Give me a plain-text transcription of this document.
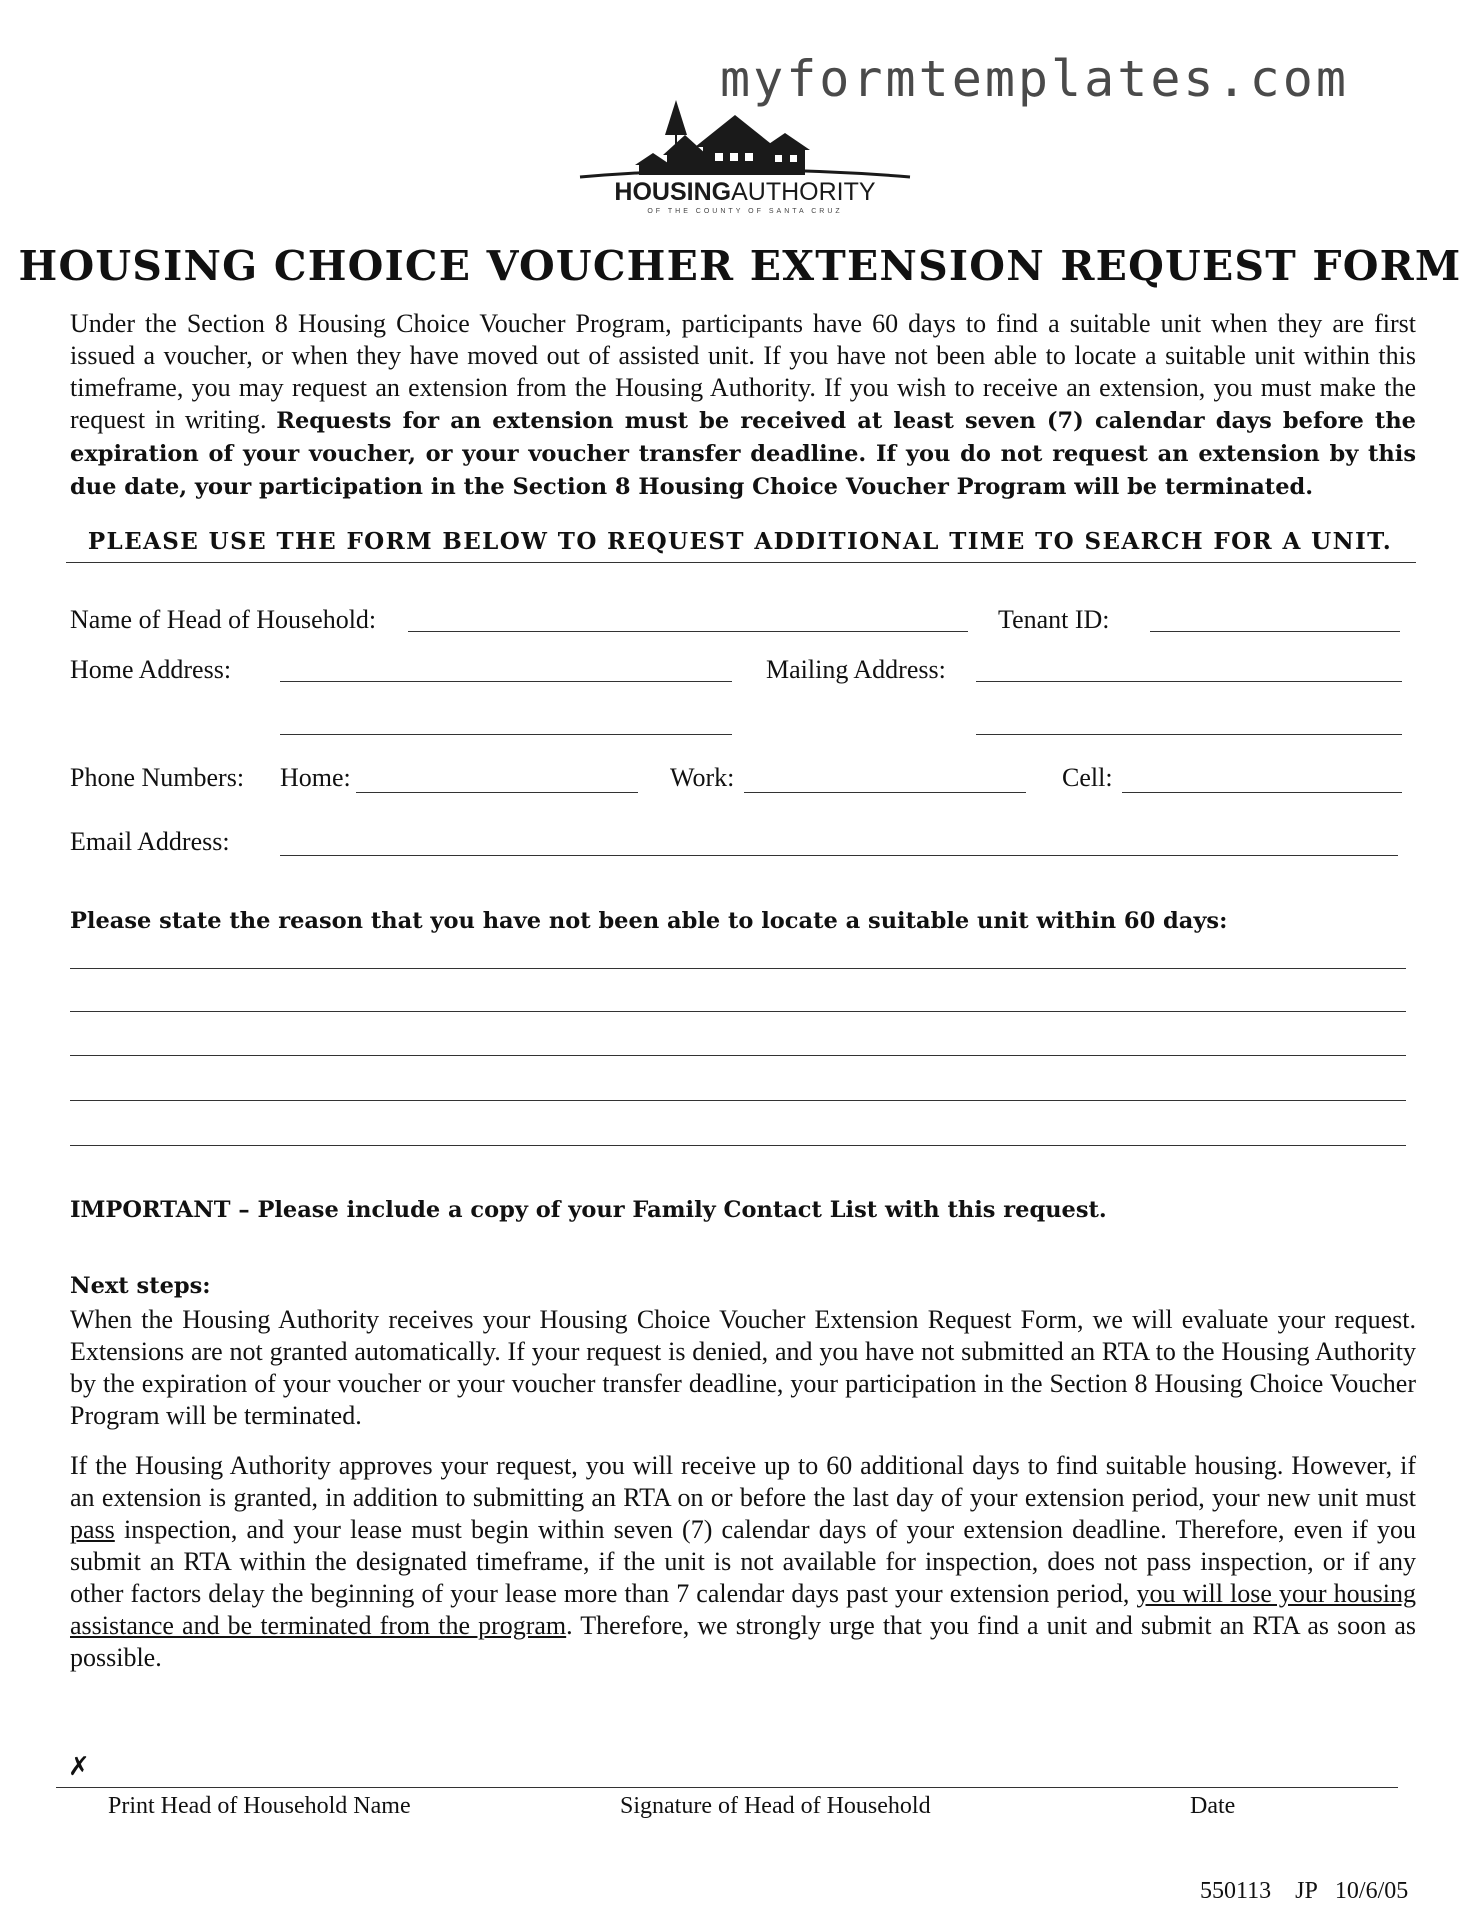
myformtemplates.com
HOUSINGAUTHORITY
OF THE COUNTY OF SANTA CRUZ
HOUSING CHOICE VOUCHER EXTENSION REQUEST FORM
Under the Section 8 Housing Choice Voucher Program, participants have 60 days to find a suitable unit when they are first issued a voucher, or when they have moved out of assisted unit. If you have not been able to locate a suitable unit within this timeframe, you may request an extension from the Housing Authority. If you wish to receive an extension, you must make the request in writing. Requests for an extension must be received at least seven (7) calendar days before the expiration of your voucher, or your voucher transfer deadline. If you do not request an extension by this due date, your participation in the Section 8 Housing Choice Voucher Program will be terminated.
PLEASE USE THE FORM BELOW TO REQUEST ADDITIONAL TIME TO SEARCH FOR A UNIT.
Name of Head of Household:	Tenant ID:
Home Address:	Mailing Address:
Phone Numbers: Home:	Work:	Cell:
Email Address:
Please state the reason that you have not been able to locate a suitable unit within 60 days:
IMPORTANT – Please include a copy of your Family Contact List with this request.
Next steps:
When the Housing Authority receives your Housing Choice Voucher Extension Request Form, we will evaluate your request. Extensions are not granted automatically. If your request is denied, and you have not submitted an RTA to the Housing Authority by the expiration of your voucher or your voucher transfer deadline, your participation in the Section 8 Housing Choice Voucher Program will be terminated.
If the Housing Authority approves your request, you will receive up to 60 additional days to find suitable housing. However, if an extension is granted, in addition to submitting an RTA on or before the last day of your extension period, your new unit must pass inspection, and your lease must begin within seven (7) calendar days of your extension deadline. Therefore, even if you submit an RTA within the designated timeframe, if the unit is not available for inspection, does not pass inspection, or if any other factors delay the beginning of your lease more than 7 calendar days past your extension period, you will lose your housing assistance and be terminated from the program. Therefore, we strongly urge that you find a unit and submit an RTA as soon as possible.
✗
Print Head of Household Name	Signature of Head of Household	Date
550113    JP   10/6/05
